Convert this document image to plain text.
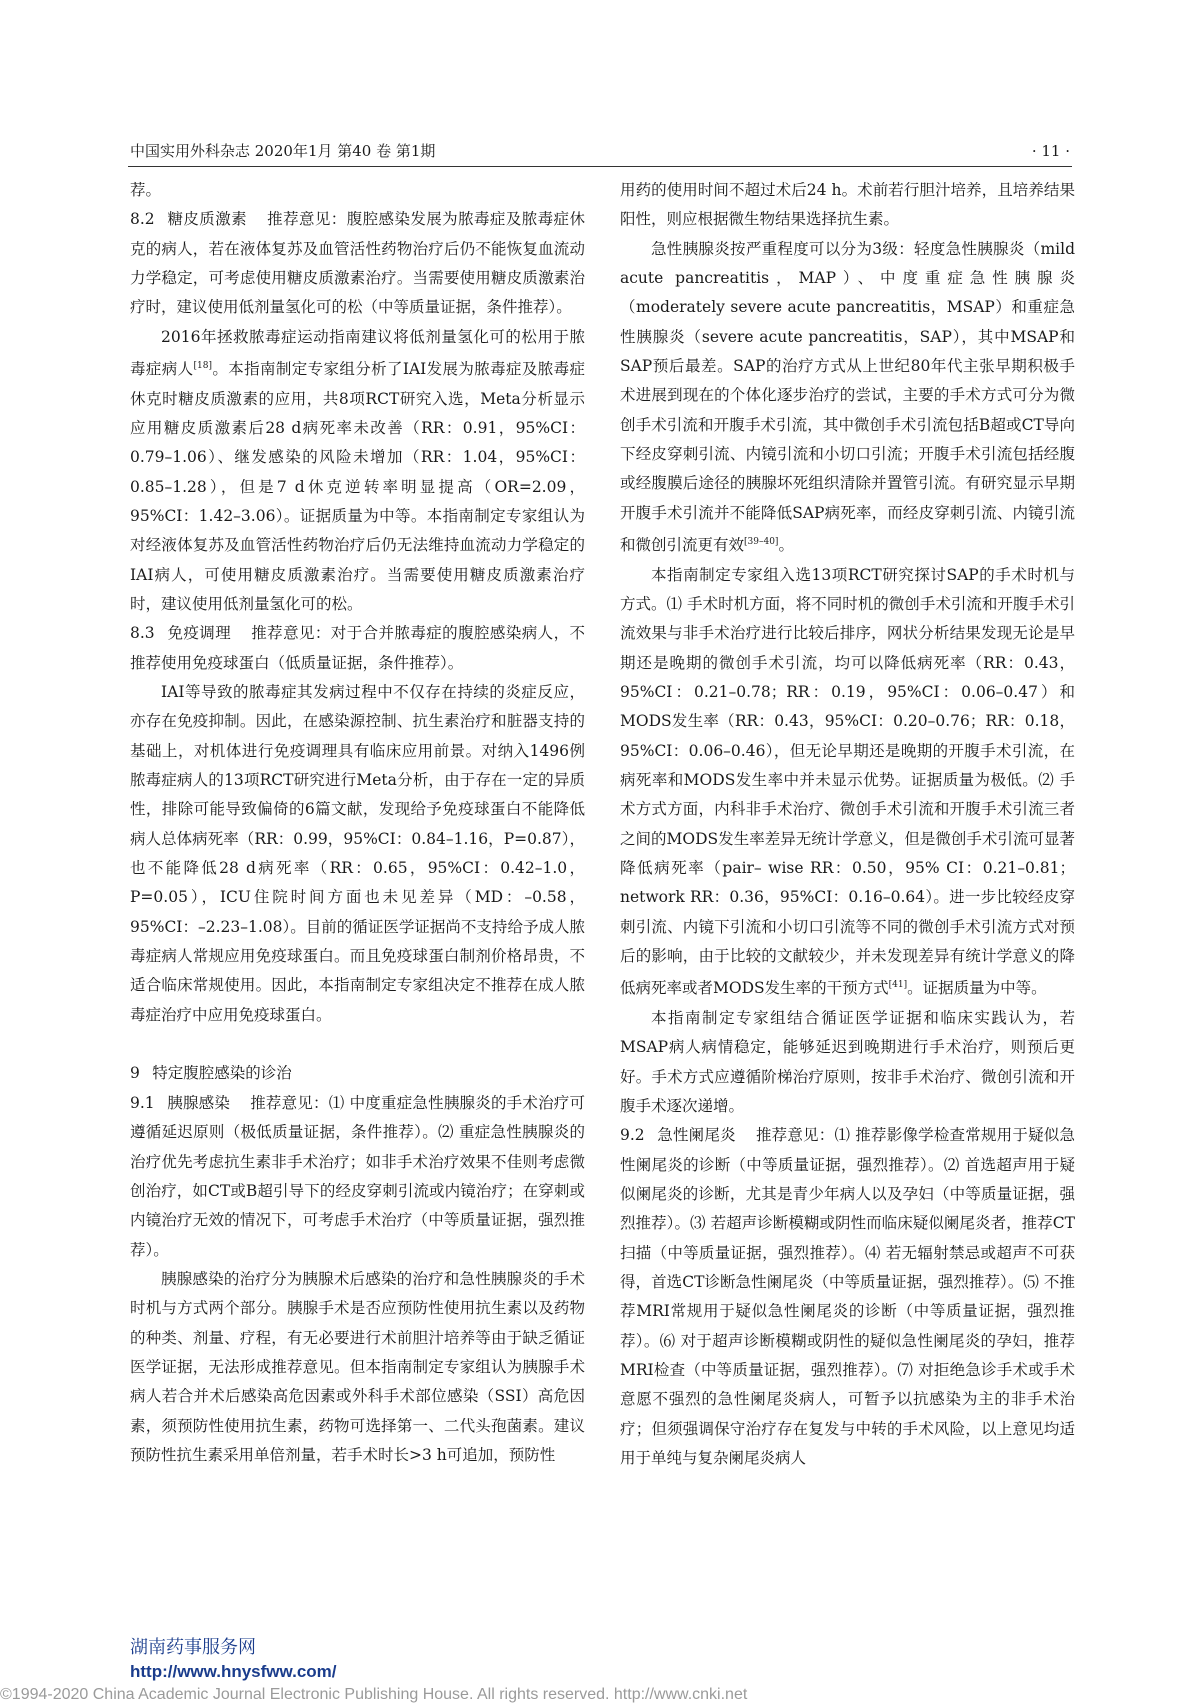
中国实用外科杂志 2020年1月 第40 卷 第1期	· 11 ·

荐。

8.2 糖皮质激素 推荐意见：腹腔感染发展为脓毒症及脓毒症休克的病人，若在液体复苏及血管活性药物治疗后仍不能恢复血流动力学稳定，可考虑使用糖皮质激素治疗。当需要使用糖皮质激素治疗时，建议使用低剂量氢化可的松（中等质量证据，条件推荐）。

2016年拯救脓毒症运动指南建议将低剂量氢化可的松用于脓毒症病人[18]。本指南制定专家组分析了IAI发展为脓毒症及脓毒症休克时糖皮质激素的应用，共8项RCT研究入选，Meta分析显示应用糖皮质激素后28 d病死率未改善（RR：0.91，95%CI：0.79–1.06）、继发感染的风险未增加（RR：1.04，95%CI：0.85–1.28），但是7 d休克逆转率明显提高（OR=2.09，95%CI：1.42–3.06）。证据质量为中等。本指南制定专家组认为对经液体复苏及血管活性药物治疗后仍无法维持血流动力学稳定的IAI病人，可使用糖皮质激素治疗。当需要使用糖皮质激素治疗时，建议使用低剂量氢化可的松。

8.3 免疫调理 推荐意见：对于合并脓毒症的腹腔感染病人，不推荐使用免疫球蛋白（低质量证据，条件推荐）。

IAI等导致的脓毒症其发病过程中不仅存在持续的炎症反应，亦存在免疫抑制。因此，在感染源控制、抗生素治疗和脏器支持的基础上，对机体进行免疫调理具有临床应用前景。对纳入1496例脓毒症病人的13项RCT研究进行Meta分析，由于存在一定的异质性，排除可能导致偏倚的6篇文献，发现给予免疫球蛋白不能降低病人总体病死率（RR：0.99，95%CI：0.84–1.16，P=0.87），也不能降低28 d病死率（RR：0.65，95%CI：0.42–1.0，P=0.05），ICU住院时间方面也未见差异（MD：–0.58，95%CI：–2.23–1.08）。目前的循证医学证据尚不支持给予成人脓毒症病人常规应用免疫球蛋白。而且免疫球蛋白制剂价格昂贵，不适合临床常规使用。因此，本指南制定专家组决定不推荐在成人脓毒症治疗中应用免疫球蛋白。

9 特定腹腔感染的诊治

9.1 胰腺感染 推荐意见：⑴ 中度重症急性胰腺炎的手术治疗可遵循延迟原则（极低质量证据，条件推荐）。⑵ 重症急性胰腺炎的治疗优先考虑抗生素非手术治疗；如非手术治疗效果不佳则考虑微创治疗，如CT或B超引导下的经皮穿刺引流或内镜治疗；在穿刺或内镜治疗无效的情况下，可考虑手术治疗（中等质量证据，强烈推荐）。

胰腺感染的治疗分为胰腺术后感染的治疗和急性胰腺炎的手术时机与方式两个部分。胰腺手术是否应预防性使用抗生素以及药物的种类、剂量、疗程，有无必要进行术前胆汁培养等由于缺乏循证医学证据，无法形成推荐意见。但本指南制定专家组认为胰腺手术病人若合并术后感染高危因素或外科手术部位感染（SSI）高危因素，须预防性使用抗生素，药物可选择第一、二代头孢菌素。建议预防性抗生素采用单倍剂量，若手术时长>3 h可追加，预防性

用药的使用时间不超过术后24 h。术前若行胆汁培养，且培养结果阳性，则应根据微生物结果选择抗生素。

急性胰腺炎按严重程度可以分为3级：轻度急性胰腺炎（mild acute pancreatitis，MAP）、中度重症急性胰腺炎（moderately severe acute pancreatitis，MSAP）和重症急性胰腺炎（severe acute pancreatitis，SAP），其中MSAP和SAP预后最差。SAP的治疗方式从上世纪80年代主张早期积极手术进展到现在的个体化逐步治疗的尝试，主要的手术方式可分为微创手术引流和开腹手术引流，其中微创手术引流包括B超或CT导向下经皮穿刺引流、内镜引流和小切口引流；开腹手术引流包括经腹或经腹膜后途径的胰腺坏死组织清除并置管引流。有研究显示早期开腹手术引流并不能降低SAP病死率，而经皮穿刺引流、内镜引流和微创引流更有效[39–40]。

本指南制定专家组入选13项RCT研究探讨SAP的手术时机与方式。⑴ 手术时机方面，将不同时机的微创手术引流和开腹手术引流效果与非手术治疗进行比较后排序，网状分析结果发现无论是早期还是晚期的微创手术引流，均可以降低病死率（RR：0.43，95%CI：0.21–0.78；RR：0.19，95%CI：0.06–0.47）和MODS发生率（RR：0.43，95%CI：0.20–0.76；RR：0.18，95%CI：0.06–0.46），但无论早期还是晚期的开腹手术引流，在病死率和MODS发生率中并未显示优势。证据质量为极低。⑵ 手术方式方面，内科非手术治疗、微创手术引流和开腹手术引流三者之间的MODS发生率差异无统计学意义，但是微创手术引流可显著降低病死率（pair– wise RR：0.50，95% CI：0.21–0.81；network RR：0.36，95%CI：0.16–0.64）。进一步比较经皮穿刺引流、内镜下引流和小切口引流等不同的微创手术引流方式对预后的影响，由于比较的文献较少，并未发现差异有统计学意义的降低病死率或者MODS发生率的干预方式[41]。证据质量为中等。

本指南制定专家组结合循证医学证据和临床实践认为，若MSAP病人病情稳定，能够延迟到晚期进行手术治疗，则预后更好。手术方式应遵循阶梯治疗原则，按非手术治疗、微创引流和开腹手术逐次递增。

9.2 急性阑尾炎 推荐意见：⑴ 推荐影像学检查常规用于疑似急性阑尾炎的诊断（中等质量证据，强烈推荐）。⑵ 首选超声用于疑似阑尾炎的诊断，尤其是青少年病人以及孕妇（中等质量证据，强烈推荐）。⑶ 若超声诊断模糊或阴性而临床疑似阑尾炎者，推荐CT扫描（中等质量证据，强烈推荐）。⑷ 若无辐射禁忌或超声不可获得，首选CT诊断急性阑尾炎（中等质量证据，强烈推荐）。⑸ 不推荐MRI常规用于疑似急性阑尾炎的诊断（中等质量证据，强烈推荐）。⑹ 对于超声诊断模糊或阴性的疑似急性阑尾炎的孕妇，推荐MRI检查（中等质量证据，强烈推荐）。⑺ 对拒绝急诊手术或手术意愿不强烈的急性阑尾炎病人，可暂予以抗感染为主的非手术治疗；但须强调保守治疗存在复发与中转的手术风险，以上意见均适用于单纯与复杂阑尾炎病人

湖南药事服务网
http://www.hnysfww.com/
©1994-2020 China Academic Journal Electronic Publishing House. All rights reserved. http://www.cnki.net
